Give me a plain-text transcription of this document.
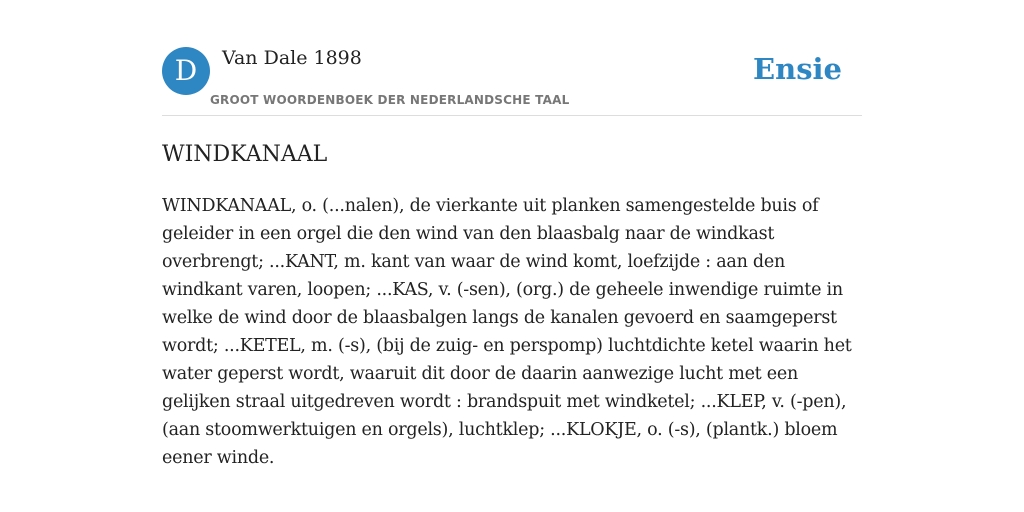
D	Van Dale 1898
GROOT WOORDENBOEK DER NEDERLANDSCHE TAAL
Ensie
WINDKANAAL

WINDKANAAL, o. (...nalen), de vierkante uit planken samengestelde buis of geleider in een orgel die den wind van den blaasbalg naar de windkast overbrengt; ...KANT, m. kant van waar de wind komt, loefzijde : aan den windkant varen, loopen; ...KAS, v. (-sen), (org.) de geheele inwendige ruimte in welke de wind door de blaasbalgen langs de kanalen gevoerd en saamgeperst wordt; ...KETEL, m. (-s), (bij de zuig- en perspomp) luchtdichte ketel waarin het water geperst wordt, waaruit dit door de daarin aanwezige lucht met een gelijken straal uitgedreven wordt : brandspuit met windketel; ...KLEP, v. (-pen), (aan stoomwerktuigen en orgels), luchtklep; ...KLOKJE, o. (-s), (plantk.) bloem eener winde.
